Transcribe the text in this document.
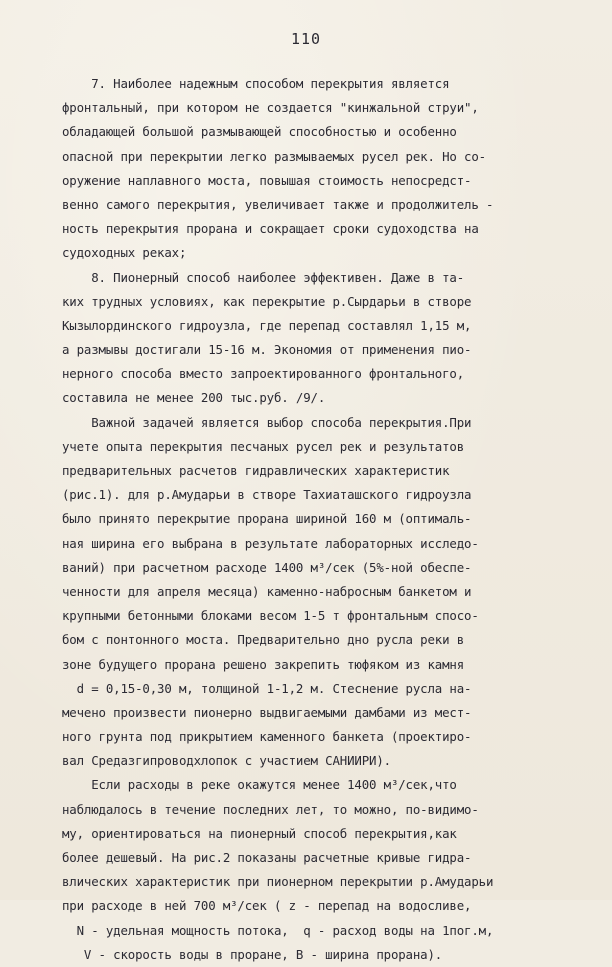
110
7. Наиболее надежным способом перекрытия является
фронтальный, при котором не создается "кинжальной струи",
обладающей большой размывающей способностью и особенно
опасной при перекрытии легко размываемых русел рек. Но со-
оружение наплавного моста, повышая стоимость непосредст-
венно самого перекрытия, увеличивает также и продолжитель -
ность перекрытия прорана и сокращает сроки судоходства на
судоходных реках;
8. Пионерный способ наиболее эффективен. Даже в та-
ких трудных условиях, как перекрытие р.Сырдарьи в створе
Кызылординского гидроузла, где перепад составлял 1,15 м,
а размывы достигали 15-16 м. Экономия от применения пио-
нерного способа вместо запроектированного фронтального,
составила не менее 200 тыс.руб. /9/.
Важной задачей является выбор способа перекрытия.При
учете опыта перекрытия песчаных русел рек и результатов
предварительных расчетов гидравлических характеристик
(рис.1). для р.Амударьи в створе Тахиаташского гидроузла
было принято перекрытие прорана шириной 160 м (оптималь-
ная ширина его выбрана в результате лабораторных исследо-
ваний) при расчетном расходе 1400 м³/сек (5%-ной обеспе-
ченности для апреля месяца) каменно-набросным банкетом и
крупными бетонными блоками весом 1-5 т фронтальным спосо-
бом с понтонного моста. Предварительно дно русла реки в
зоне будущего прорана решено закрепить тюфяком из камня
d = 0,15-0,30 м, толщиной 1-1,2 м. Стеснение русла на-
мечено произвести пионерно выдвигаемыми дамбами из мест-
ного грунта под прикрытием каменного банкета (проектиро-
вал Средазгипроводхлопок с участием САНИИРИ).
Если расходы в реке окажутся менее 1400 м³/сек,что
наблюдалось в течение последних лет, то можно, по-видимо-
му, ориентироваться на пионерный способ перекрытия,как
более дешевый. На рис.2 показаны расчетные кривые гидра-
влических характеристик при пионерном перекрытии р.Амударьи
при расходе в ней 700 м³/сек ( z - перепад на водосливе,
N - удельная мощность потока,  q - расход воды на 1пог.м,
V - скорость воды в проране, B - ширина прорана).
